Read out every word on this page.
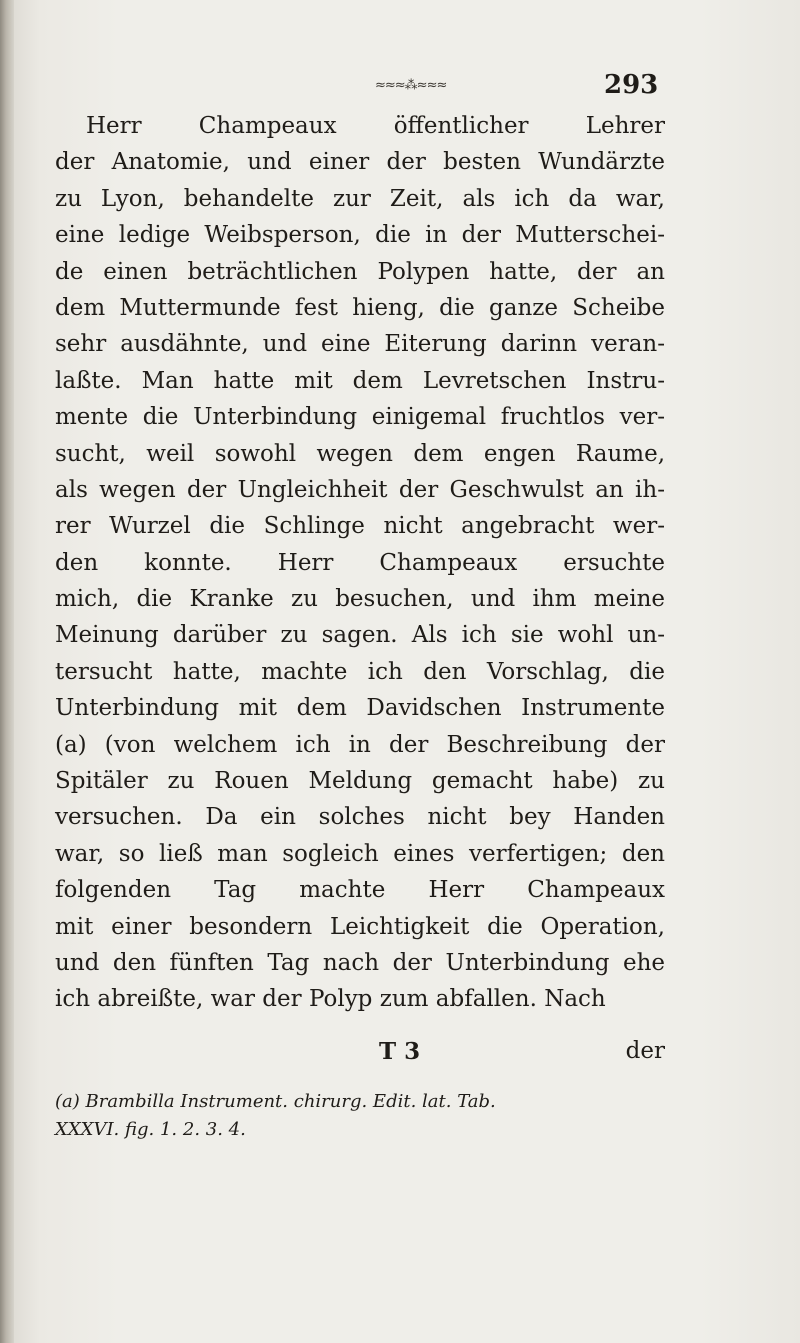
≈≈≈⁂≈≈≈	293
Herr Champeaux öffentlicher Lehrer
der Anatomie, und einer der besten Wundärzte
zu Lyon, behandelte zur Zeit, als ich da war,
eine ledige Weibsperson, die in der Mutterschei-
de einen beträchtlichen Polypen hatte, der an
dem Muttermunde fest hieng, die ganze Scheibe
sehr ausdähnte, und eine Eiterung darinn veran-
laßte. Man hatte mit dem Levretschen Instru-
mente die Unterbindung einigemal fruchtlos ver-
sucht, weil sowohl wegen dem engen Raume,
als wegen der Ungleichheit der Geschwulst an ih-
rer Wurzel die Schlinge nicht angebracht wer-
den konnte. Herr Champeaux ersuchte
mich, die Kranke zu besuchen, und ihm meine
Meinung darüber zu sagen. Als ich sie wohl un-
tersucht hatte, machte ich den Vorschlag, die
Unterbindung mit dem Davidschen Instrumente
(a) (von welchem ich in der Beschreibung der
Spitäler zu Rouen Meldung gemacht habe) zu
versuchen. Da ein solches nicht bey Handen
war, so ließ man sogleich eines verfertigen; den
folgenden Tag machte Herr Champeaux
mit einer besondern Leichtigkeit die Operation,
und den fünften Tag nach der Unterbindung ehe
ich abreißte, war der Polyp zum abfallen. Nach
T 3	der
(a) Brambilla Instrument. chirurg. Edit. lat. Tab.
XXXVI. fig. 1. 2. 3. 4.
